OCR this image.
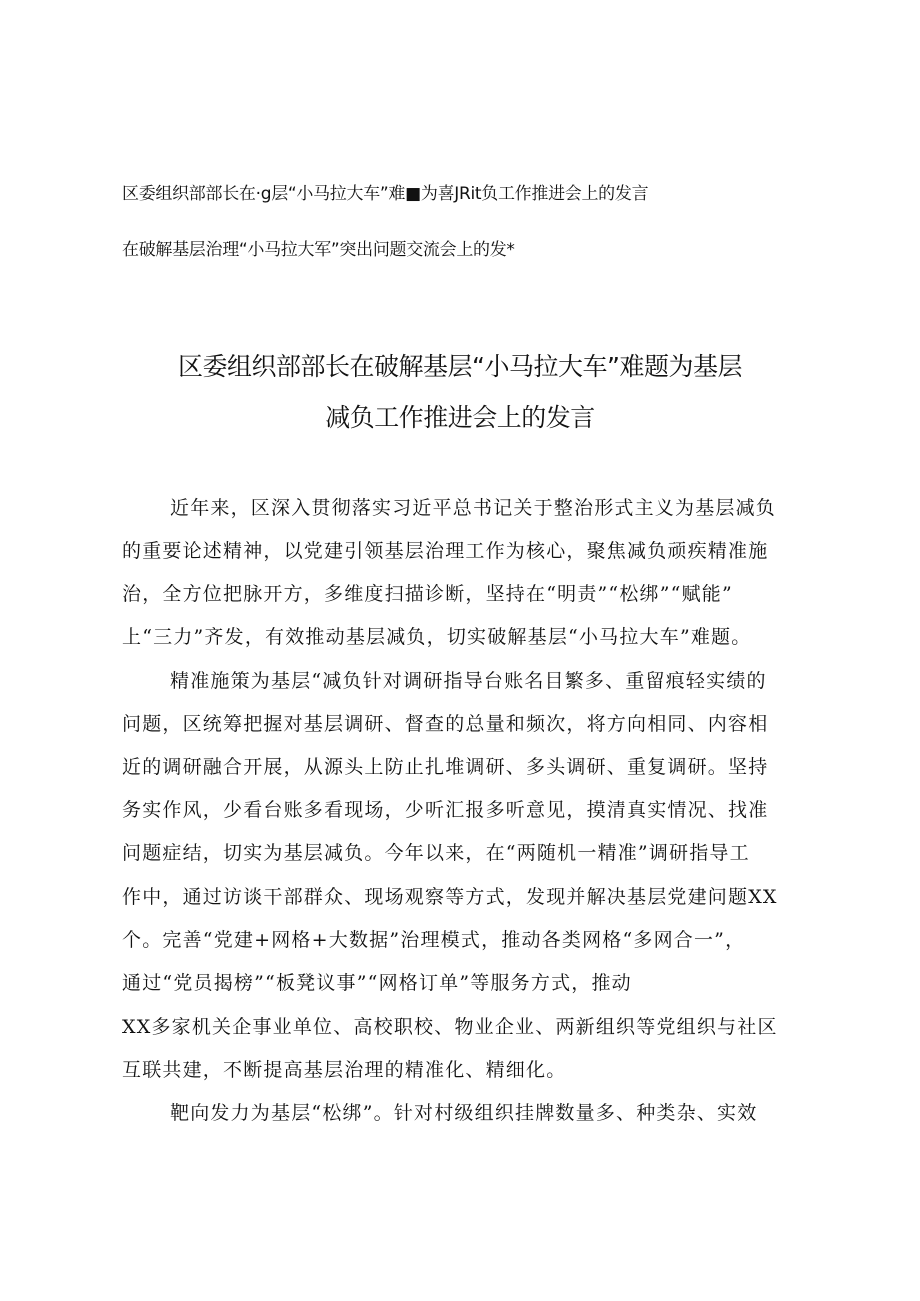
区委组织部部长在·g层“小马拉大车”难■为喜JRit负工作推进会上的发言
在破解基层治理“小马拉大军”突出问题交流会上的发*
区委组织部部长在破解基层“小马拉大车”难题为基层
减负工作推进会上的发言
近年来，区深入贯彻落实习近平总书记关于整治形式主义为基层减负
的重要论述精神，以党建引领基层治理工作为核心，聚焦减负顽疾精准施
治，全方位把脉开方，多维度扫描诊断，坚持在“明责”“松绑”“赋能”
上“三力”齐发，有效推动基层减负，切实破解基层“小马拉大车”难题。
精准施策为基层“减负针对调研指导台账名目繁多、重留痕轻实绩的
问题，区统筹把握对基层调研、督查的总量和频次，将方向相同、内容相
近的调研融合开展，从源头上防止扎堆调研、多头调研、重复调研。坚持
务实作风，少看台账多看现场，少听汇报多听意见，摸清真实情况、找准
问题症结，切实为基层减负。今年以来，在“两随机一精准”调研指导工
作中，通过访谈干部群众、现场观察等方式，发现并解决基层党建问题XX
个。完善“党建+网格+大数据”治理模式，推动各类网格“多网合一”，
通过“党员揭榜”“板凳议事”“网格订单”等服务方式，推动
XX多家机关企事业单位、高校职校、物业企业、两新组织等党组织与社区
互联共建，不断提高基层治理的精准化、精细化。
靶向发力为基层“松绑”。针对村级组织挂牌数量多、种类杂、实效
